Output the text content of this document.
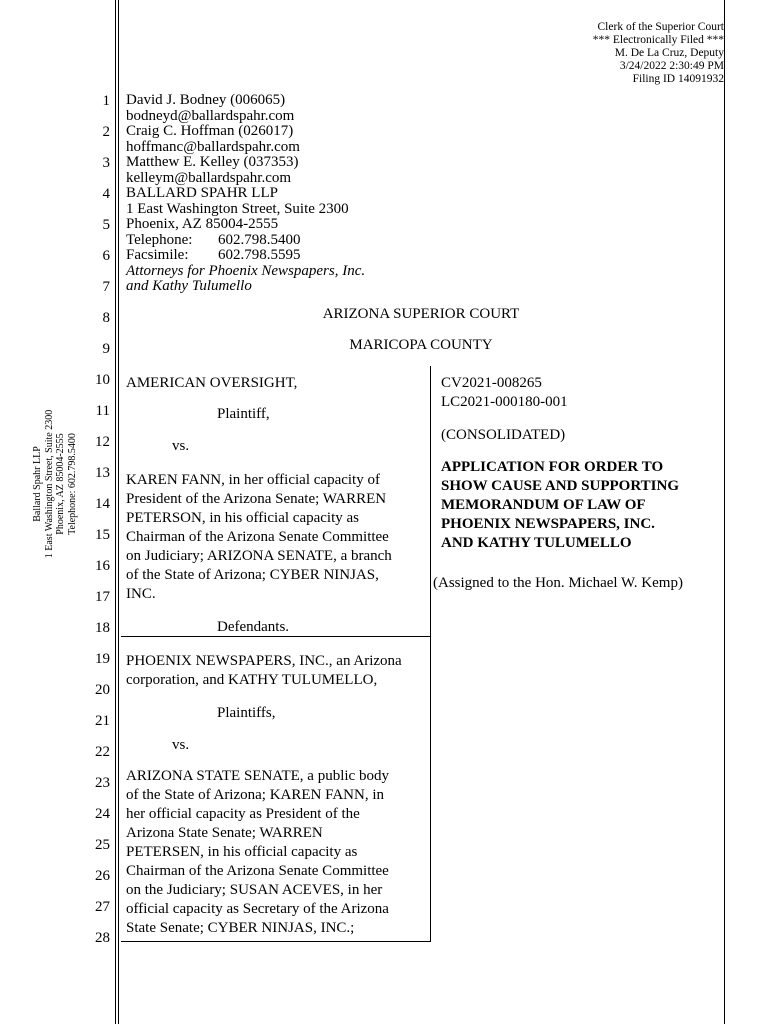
Clerk of the Superior Court
*** Electronically Filed ***
M. De La Cruz, Deputy
3/24/2022 2:30:49 PM
Filing ID 14091932
Ballard Spahr LLP 1 East Washington Street, Suite 2300 Phoenix, AZ 85004-2555 Telephone: 602.798.5400
1
2
3
4
5
6
7
8
9
10
11
12
13
14
15
16
17
18
19
20
21
22
23
24
25
26
27
28
David J. Bodney (006065)
bodneyd@ballardspahr.com
Craig C. Hoffman (026017)
hoffmanc@ballardspahr.com
Matthew E. Kelley (037353)
kelleym@ballardspahr.com
BALLARD SPAHR LLP
1 East Washington Street, Suite 2300
Phoenix, AZ 85004-2555
Telephone: 602.798.5400
Facsimile: 602.798.5595
Attorneys for Phoenix Newspapers, Inc.
and Kathy Tulumello
ARIZONA SUPERIOR COURT
MARICOPA COUNTY
AMERICAN OVERSIGHT,
Plaintiff,
vs.
KAREN FANN, in her official capacity of
President of the Arizona Senate; WARREN
PETERSON, in his official capacity as
Chairman of the Arizona Senate Committee
on Judiciary; ARIZONA SENATE, a branch
of the State of Arizona; CYBER NINJAS,
INC.
Defendants.
PHOENIX NEWSPAPERS, INC., an Arizona
corporation, and KATHY TULUMELLO,
Plaintiffs,
vs.
ARIZONA STATE SENATE, a public body
of the State of Arizona; KAREN FANN, in
her official capacity as President of the
Arizona State Senate; WARREN
PETERSEN, in his official capacity as
Chairman of the Arizona Senate Committee
on the Judiciary; SUSAN ACEVES, in her
official capacity as Secretary of the Arizona
State Senate; CYBER NINJAS, INC.;
CV2021-008265
LC2021-000180-001
(CONSOLIDATED)
APPLICATION FOR ORDER TO
SHOW CAUSE AND SUPPORTING
MEMORANDUM OF LAW OF
PHOENIX NEWSPAPERS, INC.
AND KATHY TULUMELLO
(Assigned to the Hon. Michael W. Kemp)
